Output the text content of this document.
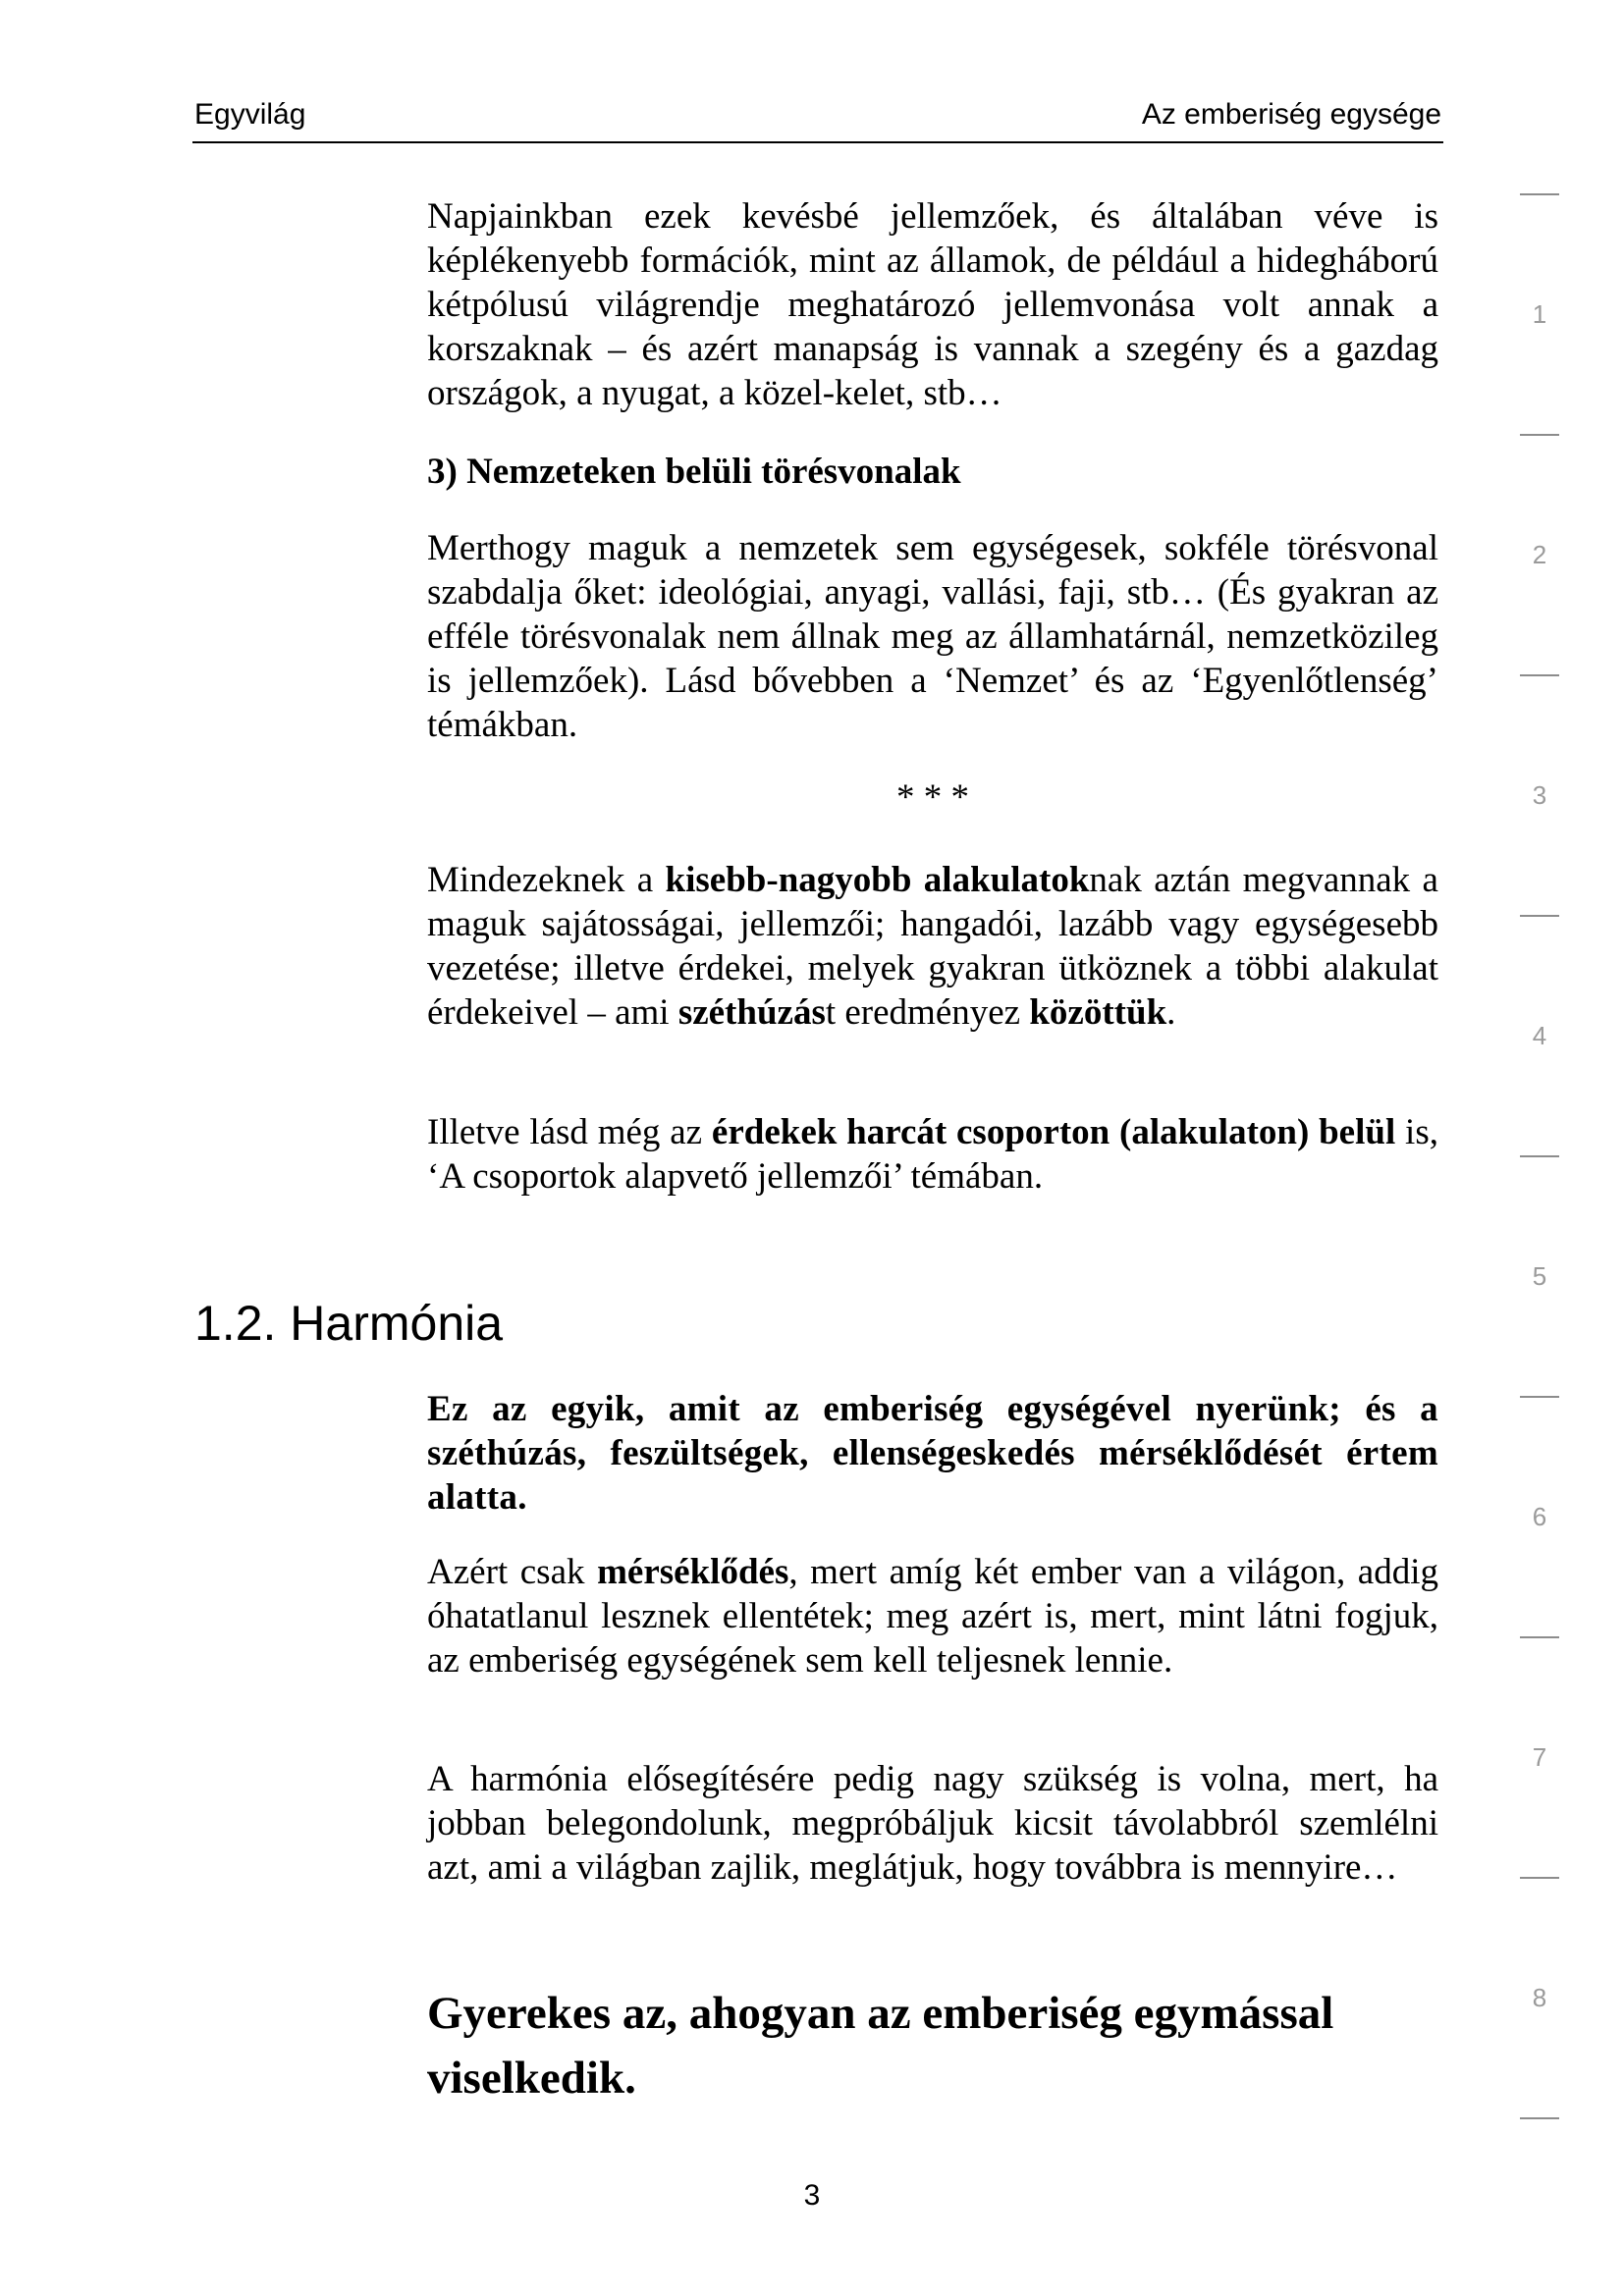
Egyvilág	Az emberiség egysége
1
2
3
4
5
6
7
8

Napjainkban ezek kevésbé jellemzőek, és általában véve is képlékenyebb formációk, mint az államok, de például a hidegháború kétpólusú világrendje meghatározó jellemvonása volt annak a korszaknak – és azért manapság is vannak a szegény és a gazdag országok, a nyugat, a közel-kelet, stb…

3) Nemzeteken belüli törésvonalak

Merthogy maguk a nemzetek sem egységesek, sokféle törésvonal szabdalja őket: ideológiai, anyagi, vallási, faji, stb… (És gyakran az efféle törésvonalak nem állnak meg az államhatárnál, nemzetközileg is jellemzőek). Lásd bővebben a ‘Nemzet’ és az ‘Egyenlőtlenség’ témákban.

* * *

Mindezeknek a kisebb-nagyobb alakulatoknak aztán megvannak a maguk sajátosságai, jellemzői; hangadói, lazább vagy egységesebb vezetése; illetve érdekei, melyek gyakran ütköznek a többi alakulat érdekeivel – ami széthúzást eredményez közöttük.

Illetve lásd még az érdekek harcát csoporton (alakulaton) belül is, ‘A csoportok alapvető jellemzői’ témában.

1.2. Harmónia

Ez az egyik, amit az emberiség egységével nyerünk; és a széthúzás, feszültségek, ellenségeskedés mérséklődését értem alatta.

Azért csak mérséklődés, mert amíg két ember van a világon, addig óhatatlanul lesznek ellentétek; meg azért is, mert, mint látni fogjuk, az emberiség egységének sem kell teljesnek lennie.

A harmónia elősegítésére pedig nagy szükség is volna, mert, ha jobban belegondolunk, megpróbáljuk kicsit távolabbról szemlélni azt, ami a világban zajlik, meglátjuk, hogy továbbra is mennyire…

Gyerekes az, ahogyan az emberiség egymással viselkedik.
3
